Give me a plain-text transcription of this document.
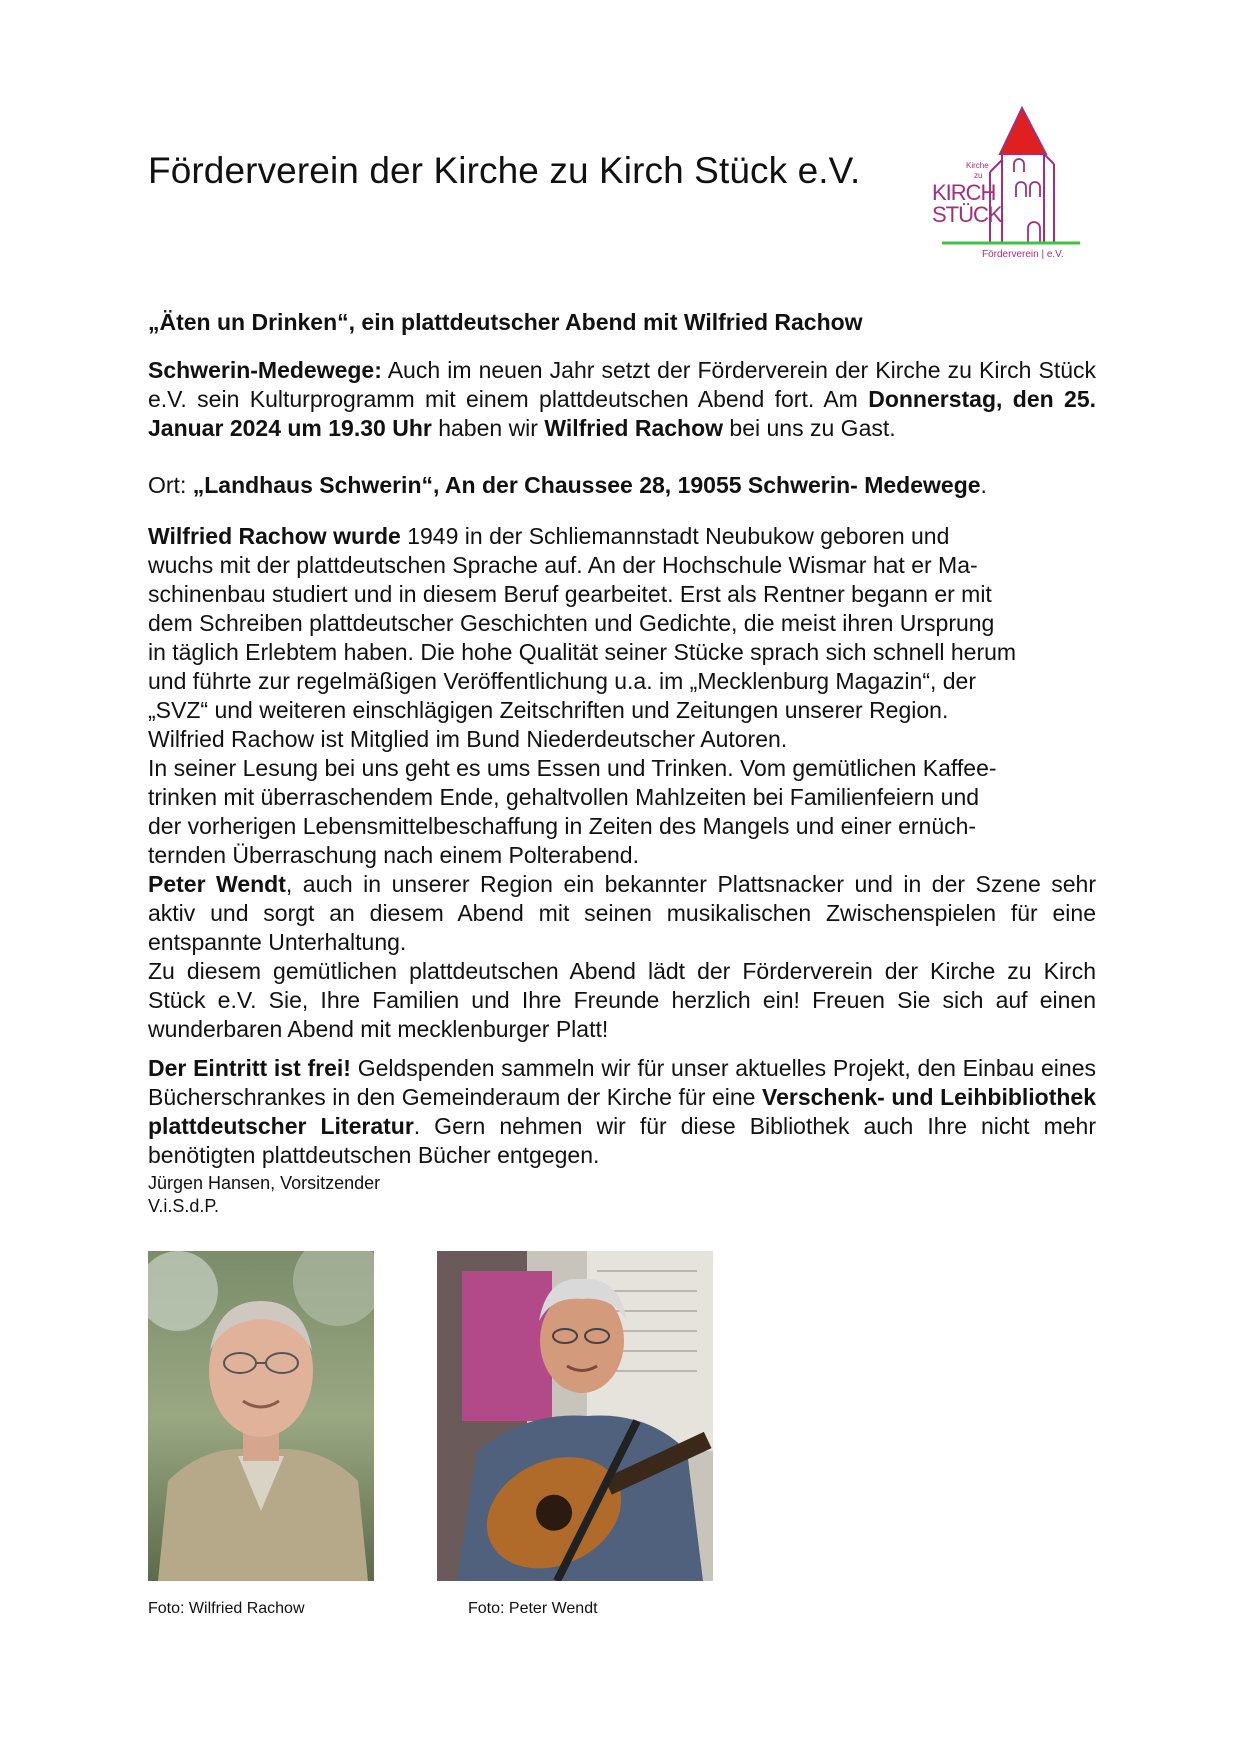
Förderverein der Kirche zu Kirch Stück e.V.	Kirche
zu
KIRCH
STÜCK
Förderverein | e.V.
„Äten un Drinken“, ein plattdeutscher Abend mit Wilfried Rachow

Schwerin-Medewege: Auch im neuen Jahr setzt der Förderverein der Kirche zu Kirch Stück e.V. sein Kulturprogramm mit einem plattdeutschen Abend fort. Am Donnerstag, den 25. Januar 2024 um 19.30 Uhr haben wir Wilfried Rachow bei uns zu Gast.

Ort: „Landhaus Schwerin“, An der Chaussee 28, 19055 Schwerin- Medewege.

Wilfried Rachow wurde 1949 in der Schliemannstadt Neubukow geboren und
wuchs mit der plattdeutschen Sprache auf. An der Hochschule Wismar hat er Ma-
schinenbau studiert und in diesem Beruf gearbeitet. Erst als Rentner begann er mit
dem Schreiben plattdeutscher Geschichten und Gedichte, die meist ihren Ursprung
in täglich Erlebtem haben. Die hohe Qualität seiner Stücke sprach sich schnell herum
und führte zur regelmäßigen Veröffentlichung u.a. im „Mecklenburg Magazin“, der
„SVZ“ und weiteren einschlägigen Zeitschriften und Zeitungen unserer Region.
Wilfried Rachow ist Mitglied im Bund Niederdeutscher Autoren.
In seiner Lesung bei uns geht es ums Essen und Trinken. Vom gemütlichen Kaffee-
trinken mit überraschendem Ende, gehaltvollen Mahlzeiten bei Familienfeiern und
der vorherigen Lebensmittelbeschaffung in Zeiten des Mangels und einer ernüch-
ternden Überraschung nach einem Polterabend.
Peter Wendt, auch in unserer Region ein bekannter Plattsnacker und in der Szene sehr aktiv und sorgt an diesem Abend mit seinen musikalischen Zwischenspielen für eine entspannte Unterhaltung.
Zu diesem gemütlichen plattdeutschen Abend lädt der Förderverein der Kirche zu Kirch Stück e.V. Sie, Ihre Familien und Ihre Freunde herzlich ein! Freuen Sie sich auf einen wunderbaren Abend mit mecklenburger Platt!

Der Eintritt ist frei! Geldspenden sammeln wir für unser aktuelles Projekt, den Einbau eines Bücherschrankes in den Gemeinderaum der Kirche für eine Verschenk- und Leihbibliothek plattdeutscher Literatur. Gern nehmen wir für diese Bibliothek auch Ihre nicht mehr benötigten plattdeutschen Bücher entgegen.

Jürgen Hansen, Vorsitzender
V.i.S.d.P.

Foto: Wilfried Rachow	Foto: Peter Wendt
